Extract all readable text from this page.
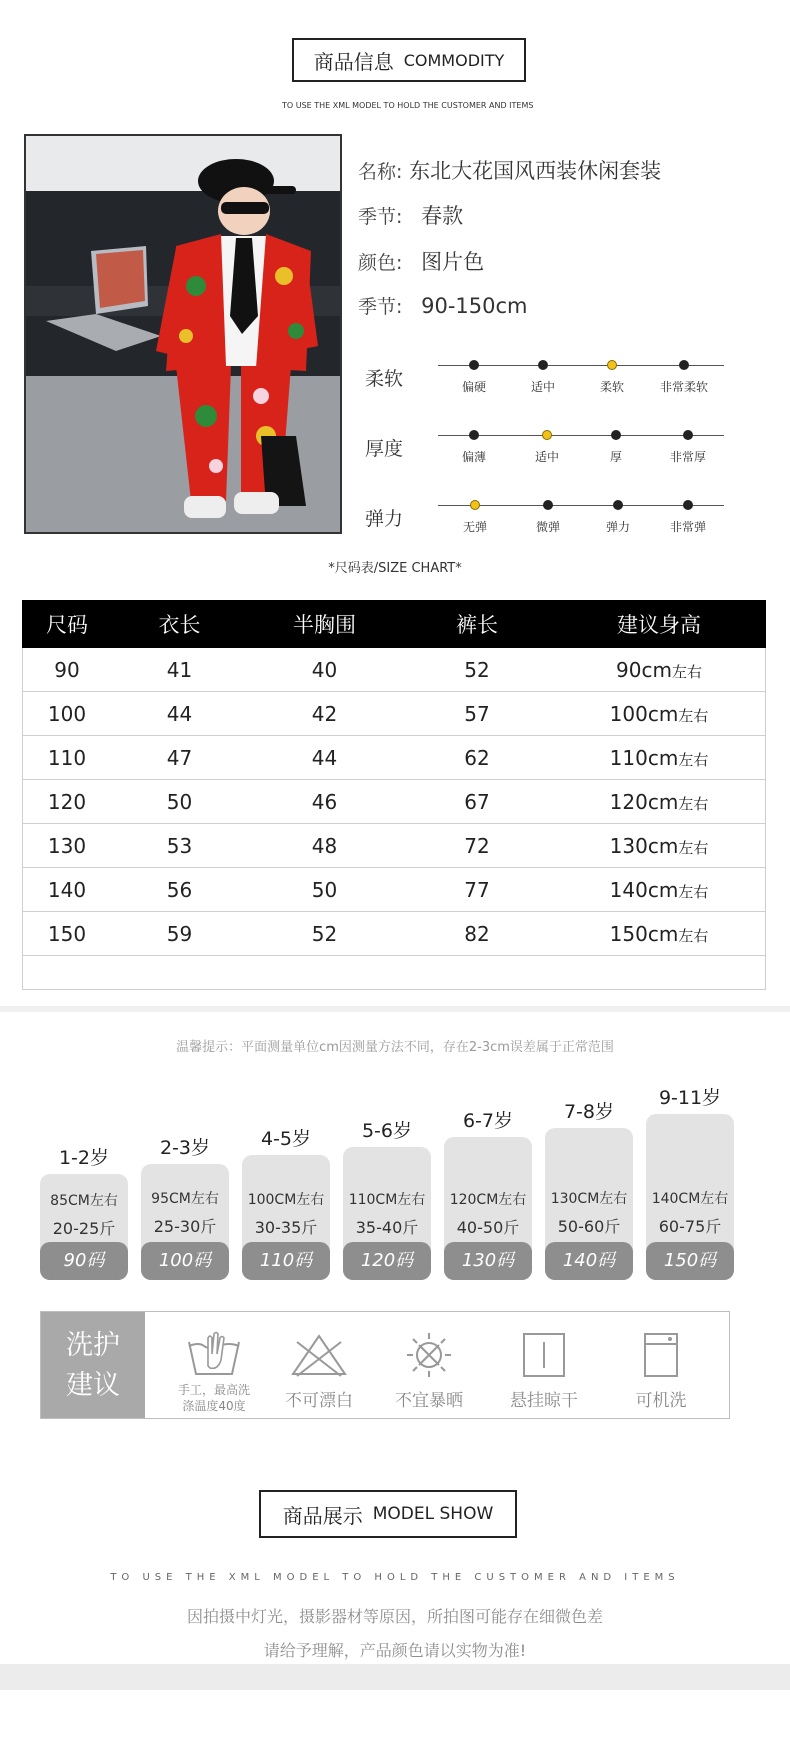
商品信息 COMMODITY
TO USE THE XML MODEL TO HOLD THE CUSTOMER AND ITEMS
名称: 东北大花国风西装休闲套装
季节: 春款
颜色: 图片色
季节: 90-150cm
柔软	偏硬	适中	柔软	非常柔软
厚度	偏薄	适中	厚	非常厚
弹力	无弹	微弹	弹力	非常弹
*尺码表/SIZE CHART*
尺码	衣长	半胸围	裤长	建议身高
90	41	40	52	90cm左右
100	44	42	57	100cm左右
110	47	44	62	110cm左右
120	50	46	67	120cm左右
130	53	48	72	130cm左右
140	56	50	77	140cm左右
150	59	52	82	150cm左右

温馨提示：平面测量单位cm因测量方法不同，存在2-3cm误差属于正常范围
1-2岁
85CM左右
20-25斤
90码
2-3岁
95CM左右
25-30斤
100码
4-5岁
100CM左右
30-35斤
110码
5-6岁
110CM左右
35-40斤
120码
6-7岁
120CM左右
40-50斤
130码
7-8岁
130CM左右
50-60斤
140码
9-11岁
140CM左右
60-75斤
150码
洗护
建议	手工，最高洗
涤温度40度	不可漂白	不宜暴晒	悬挂晾干	可机洗
商品展示 MODEL SHOW
TO USE THE XML MODEL TO HOLD THE CUSTOMER AND ITEMS
因拍摄中灯光，摄影器材等原因，所拍图可能存在细微色差
请给予理解，产品颜色请以实物为准!
